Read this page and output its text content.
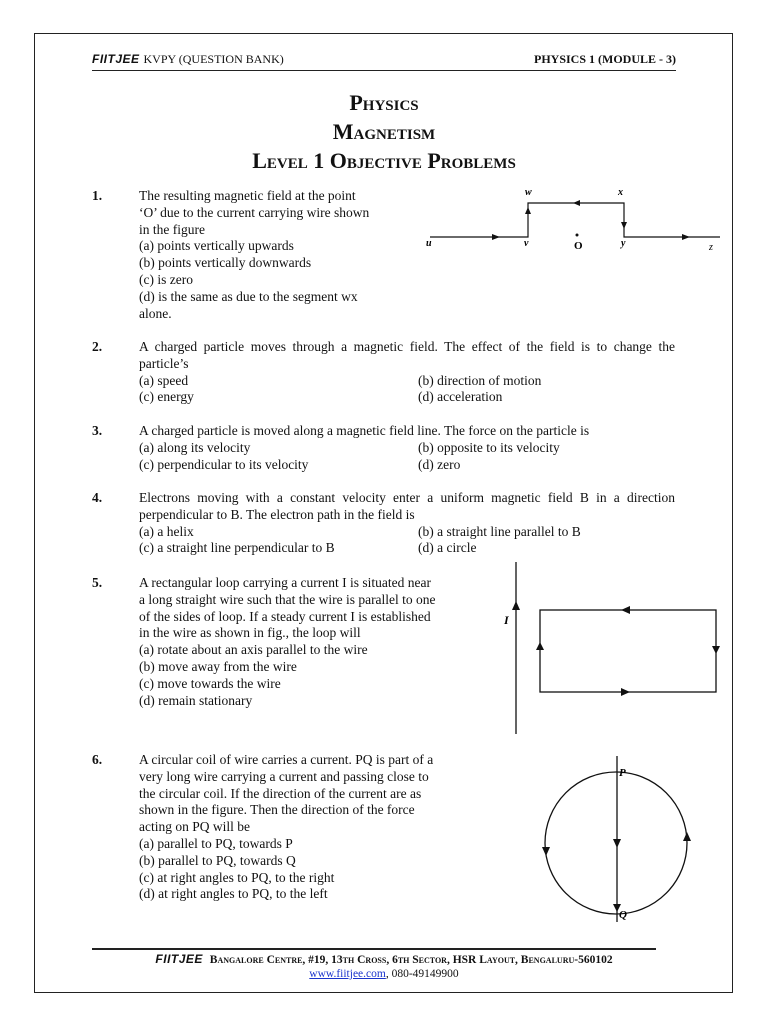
FIITJEE KVPY (QUESTION BANK)	PHYSICS 1 (MODULE - 3)
Physics
Magnetism
Level 1 Objective Problems
1.	The resulting magnetic field at the point
‘O’ due to the current carrying wire shown
in the figure
(a) points vertically upwards
(b) points vertically downwards
(c) is zero
(d) is the same as due to the segment wx
alone.
u	v
w	x
y	z
O
2.	A charged particle moves through a magnetic field. The effect of the field is to change the particle’s
(a) speed	(b) direction of motion
(c) energy	(d) acceleration
3.	A charged particle is moved along a magnetic field line. The force on the particle is
(a) along its velocity	(b) opposite to its velocity
(c) perpendicular to its velocity	(d) zero
4.	Electrons moving with a constant velocity enter a uniform magnetic field B in a direction perpendicular to B. The electron path in the field is
(a) a helix	(b) a straight line parallel to B
(c) a straight line perpendicular to B	(d) a circle
5.	A rectangular loop carrying a current I is situated near
a long straight wire such that the wire is parallel to one
of the sides of loop. If a steady current I is established
in the wire as shown in fig., the loop will
(a) rotate about an axis parallel to the wire
(b) move away from the wire
(c) move towards the wire
(d) remain stationary
I
6.	A circular coil of wire carries a current. PQ is part of a
very long wire carrying a current and passing close to
the circular coil. If the direction of the current are as
shown in the figure. Then the direction of the force
acting on PQ will be
(a) parallel to PQ, towards P
(b) parallel to PQ, towards Q
(c) at right angles to PQ, to the right
(d) at right angles to PQ, to the left
P
Q
FIITJEE Bangalore Centre, #19, 13th Cross, 6th Sector, HSR Layout, Bengaluru-560102
www.fiitjee.com, 080-49149900
